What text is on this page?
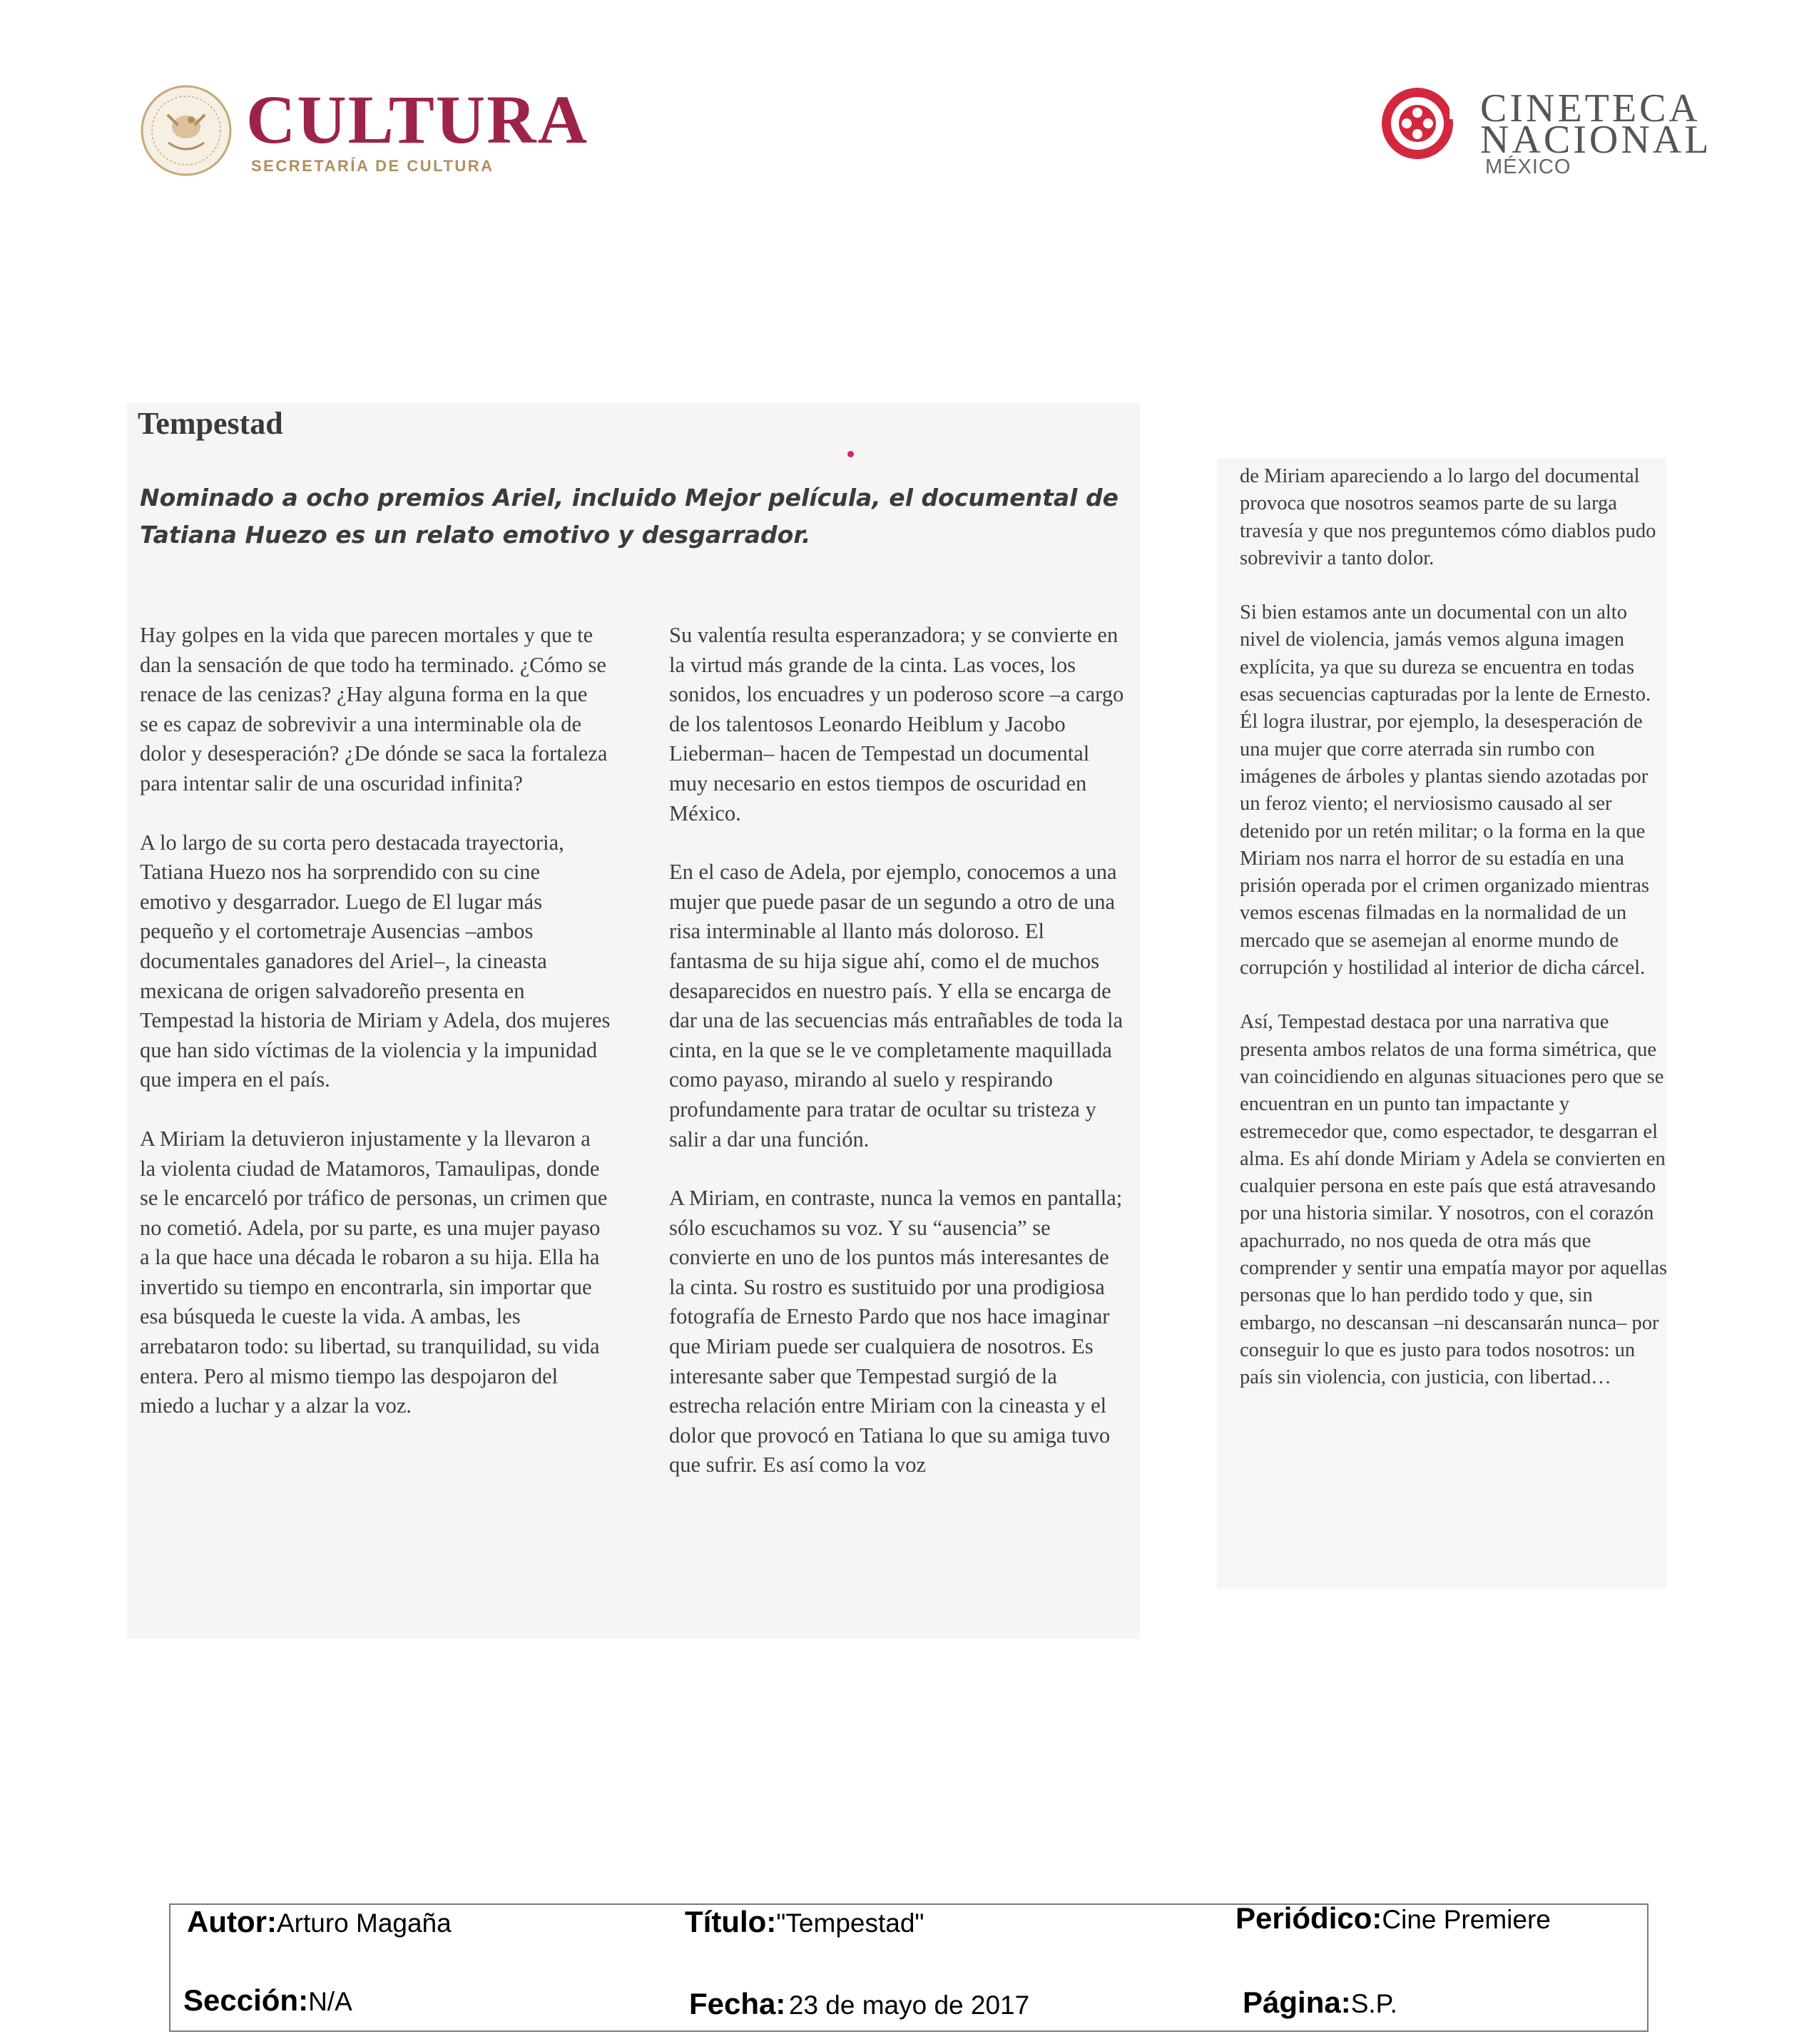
CULTURA
SECRETARÍA DE CULTURA
CINETECA
NACIONAL
MÉXICO
Tempestad
Nominado a ocho premios Ariel, incluido Mejor película, el documental de Tatiana Huezo es un relato emotivo y desgarrador.

Hay golpes en la vida que parecen mortales y que te dan la sensación de que todo ha terminado. ¿Cómo se renace de las cenizas? ¿Hay alguna forma en la que se es capaz de sobrevivir a una interminable ola de dolor y desesperación? ¿De dónde se saca la fortaleza para intentar salir de una oscuridad infinita?

A lo largo de su corta pero destacada trayectoria, Tatiana Huezo nos ha sorprendido con su cine emotivo y desgarrador. Luego de El lugar más pequeño y el cortometraje Ausencias –ambos documentales ganadores del Ariel–, la cineasta mexicana de origen salvadoreño presenta en Tempestad la historia de Miriam y Adela, dos mujeres que han sido víctimas de la violencia y la impunidad que impera en el país.

A Miriam la detuvieron injustamente y la llevaron a la violenta ciudad de Matamoros, Tamaulipas, donde se le encarceló por tráfico de personas, un crimen que no cometió. Adela, por su parte, es una mujer payaso a la que hace una década le robaron a su hija. Ella ha invertido su tiempo en encontrarla, sin importar que esa búsqueda le cueste la vida. A ambas, les arrebataron todo: su libertad, su tranquilidad, su vida entera. Pero al mismo tiempo las despojaron del miedo a luchar y a alzar la voz.

Su valentía resulta esperanzadora; y se convierte en la virtud más grande de la cinta. Las voces, los sonidos, los encuadres y un poderoso score –a cargo de los talentosos Leonardo Heiblum y Jacobo Lieberman– hacen de Tempestad un documental muy necesario en estos tiempos de oscuridad en México.

En el caso de Adela, por ejemplo, conocemos a una mujer que puede pasar de un segundo a otro de una risa interminable al llanto más doloroso. El fantasma de su hija sigue ahí, como el de muchos desaparecidos en nuestro país. Y ella se encarga de dar una de las secuencias más entrañables de toda la cinta, en la que se le ve completamente maquillada como payaso, mirando al suelo y respirando profundamente para tratar de ocultar su tristeza y salir a dar una función.

A Miriam, en contraste, nunca la vemos en pantalla; sólo escuchamos su voz. Y su “ausencia” se convierte en uno de los puntos más interesantes de la cinta. Su rostro es sustituido por una prodigiosa fotografía de Ernesto Pardo que nos hace imaginar que Miriam puede ser cualquiera de nosotros. Es interesante saber que Tempestad surgió de la estrecha relación entre Miriam con la cineasta y el dolor que provocó en Tatiana lo que su amiga tuvo que sufrir. Es así como la voz

de Miriam apareciendo a lo largo del documental provoca que nosotros seamos parte de su larga travesía y que nos preguntemos cómo diablos pudo sobrevivir a tanto dolor.

Si bien estamos ante un documental con un alto nivel de violencia, jamás vemos alguna imagen explícita, ya que su dureza se encuentra en todas esas secuencias capturadas por la lente de Ernesto. Él logra ilustrar, por ejemplo, la desesperación de una mujer que corre aterrada sin rumbo con imágenes de árboles y plantas siendo azotadas por un feroz viento; el nerviosismo causado al ser detenido por un retén militar; o la forma en la que Miriam nos narra el horror de su estadía en una prisión operada por el crimen organizado mientras vemos escenas filmadas en la normalidad de un mercado que se asemejan al enorme mundo de corrupción y hostilidad al interior de dicha cárcel.

Así, Tempestad destaca por una narrativa que presenta ambos relatos de una forma simétrica, que van coincidiendo en algunas situaciones pero que se encuentran en un punto tan impactante y estremecedor que, como espectador, te desgarran el alma. Es ahí donde Miriam y Adela se convierten en cualquier persona en este país que está atravesando por una historia similar. Y nosotros, con el corazón apachurrado, no nos queda de otra más que comprender y sentir una empatía mayor por aquellas personas que lo han perdido todo y que, sin embargo, no descansan –ni descansarán nunca– por conseguir lo que es justo para todos nosotros: un país sin violencia, con justicia, con libertad…

Autor:Arturo Magaña	Título:"Tempestad"	Periódico:Cine Premiere
Sección:N/A	Fecha: 23 de mayo de 2017	Página:S.P.
